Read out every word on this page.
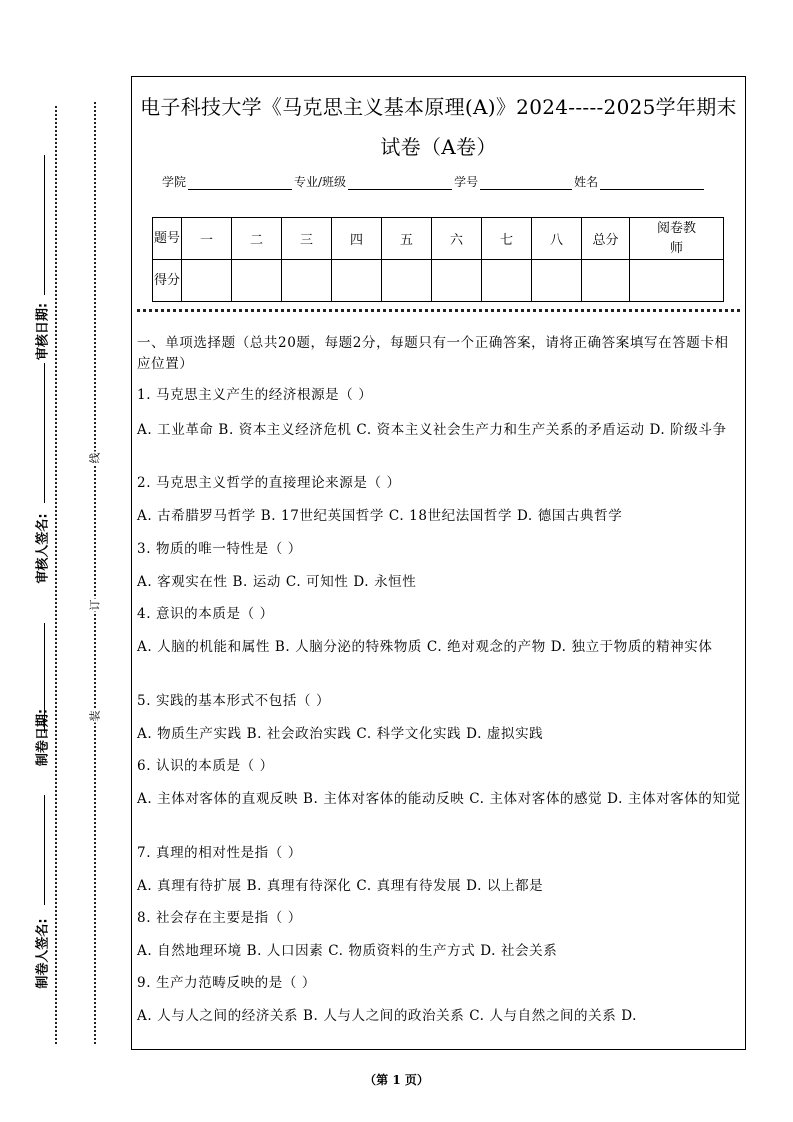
审核日期:
审核人签名:
制卷日期:
制卷人签名:
线
订
装
电子科技大学《马克思主义基本原理(A)》2024-----2025学年期末
试卷（A卷）
学院	专业/班级	学号	姓名
题号	一	二	三	四	五	六	七	八	总分	阅卷教师
得分										
一、单项选择题（总共20题，每题2分，每题只有一个正确答案，请将正确答案填写在答题卡相应位置）
1. 马克思主义产生的经济根源是（ ）
A. 工业革命 B. 资本主义经济危机 C. 资本主义社会生产力和生产关系的矛盾运动 D. 阶级斗争
2. 马克思主义哲学的直接理论来源是（ ）
A. 古希腊罗马哲学 B. 17世纪英国哲学 C. 18世纪法国哲学 D. 德国古典哲学
3. 物质的唯一特性是（ ）
A. 客观实在性 B. 运动 C. 可知性 D. 永恒性
4. 意识的本质是（ ）
A. 人脑的机能和属性 B. 人脑分泌的特殊物质 C. 绝对观念的产物 D. 独立于物质的精神实体
5. 实践的基本形式不包括（ ）
A. 物质生产实践 B. 社会政治实践 C. 科学文化实践 D. 虚拟实践
6. 认识的本质是（ ）
A. 主体对客体的直观反映 B. 主体对客体的能动反映 C. 主体对客体的感觉 D. 主体对客体的知觉
7. 真理的相对性是指（ ）
A. 真理有待扩展 B. 真理有待深化 C. 真理有待发展 D. 以上都是
8. 社会存在主要是指（ ）
A. 自然地理环境 B. 人口因素 C. 物质资料的生产方式 D. 社会关系
9. 生产力范畴反映的是（ ）
A. 人与人之间的经济关系 B. 人与人之间的政治关系 C. 人与自然之间的关系 D.
（第 1 页）
